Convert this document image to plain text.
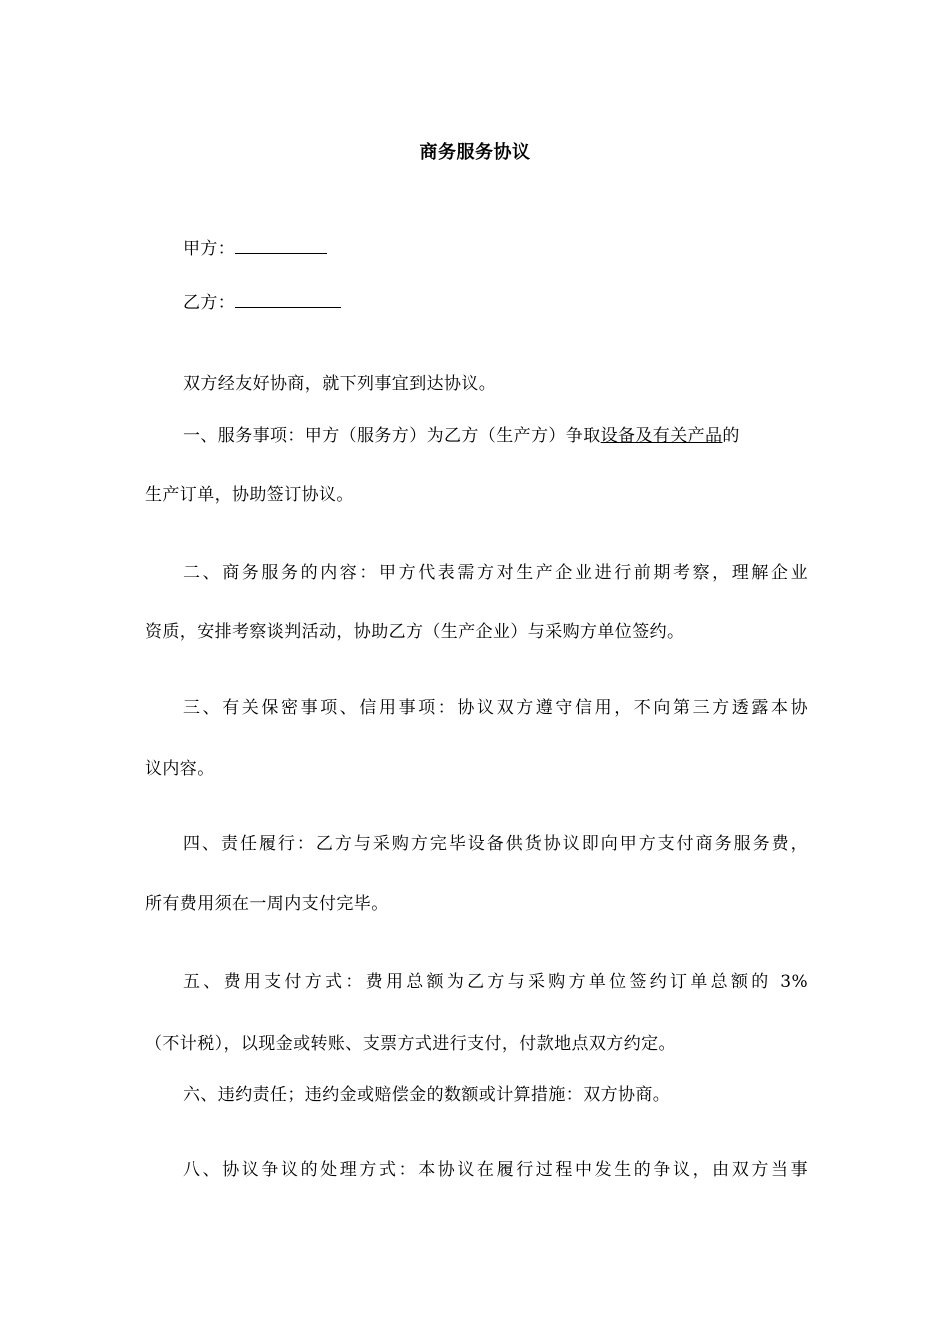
商务服务协议
甲方：
乙方：
双方经友好协商，就下列事宜到达协议。
一、服务事项：甲方（服务方）为乙方（生产方）争取设备及有关产品的
生产订单，协助签订协议。
二、商务服务的内容：甲方代表需方对生产企业进行前期考察，理解企业
资质，安排考察谈判活动，协助乙方（生产企业）与采购方单位签约。
三、有关保密事项、信用事项：协议双方遵守信用，不向第三方透露本协
议内容。
四、责任履行：乙方与采购方完毕设备供货协议即向甲方支付商务服务费，
所有费用须在一周内支付完毕。
五、费用支付方式：费用总额为乙方与采购方单位签约订单总额的 3%
（不计税），以现金或转账、支票方式进行支付，付款地点双方约定。
六、违约责任；违约金或赔偿金的数额或计算措施：双方协商。
八、协议争议的处理方式：本协议在履行过程中发生的争议，由双方当事
